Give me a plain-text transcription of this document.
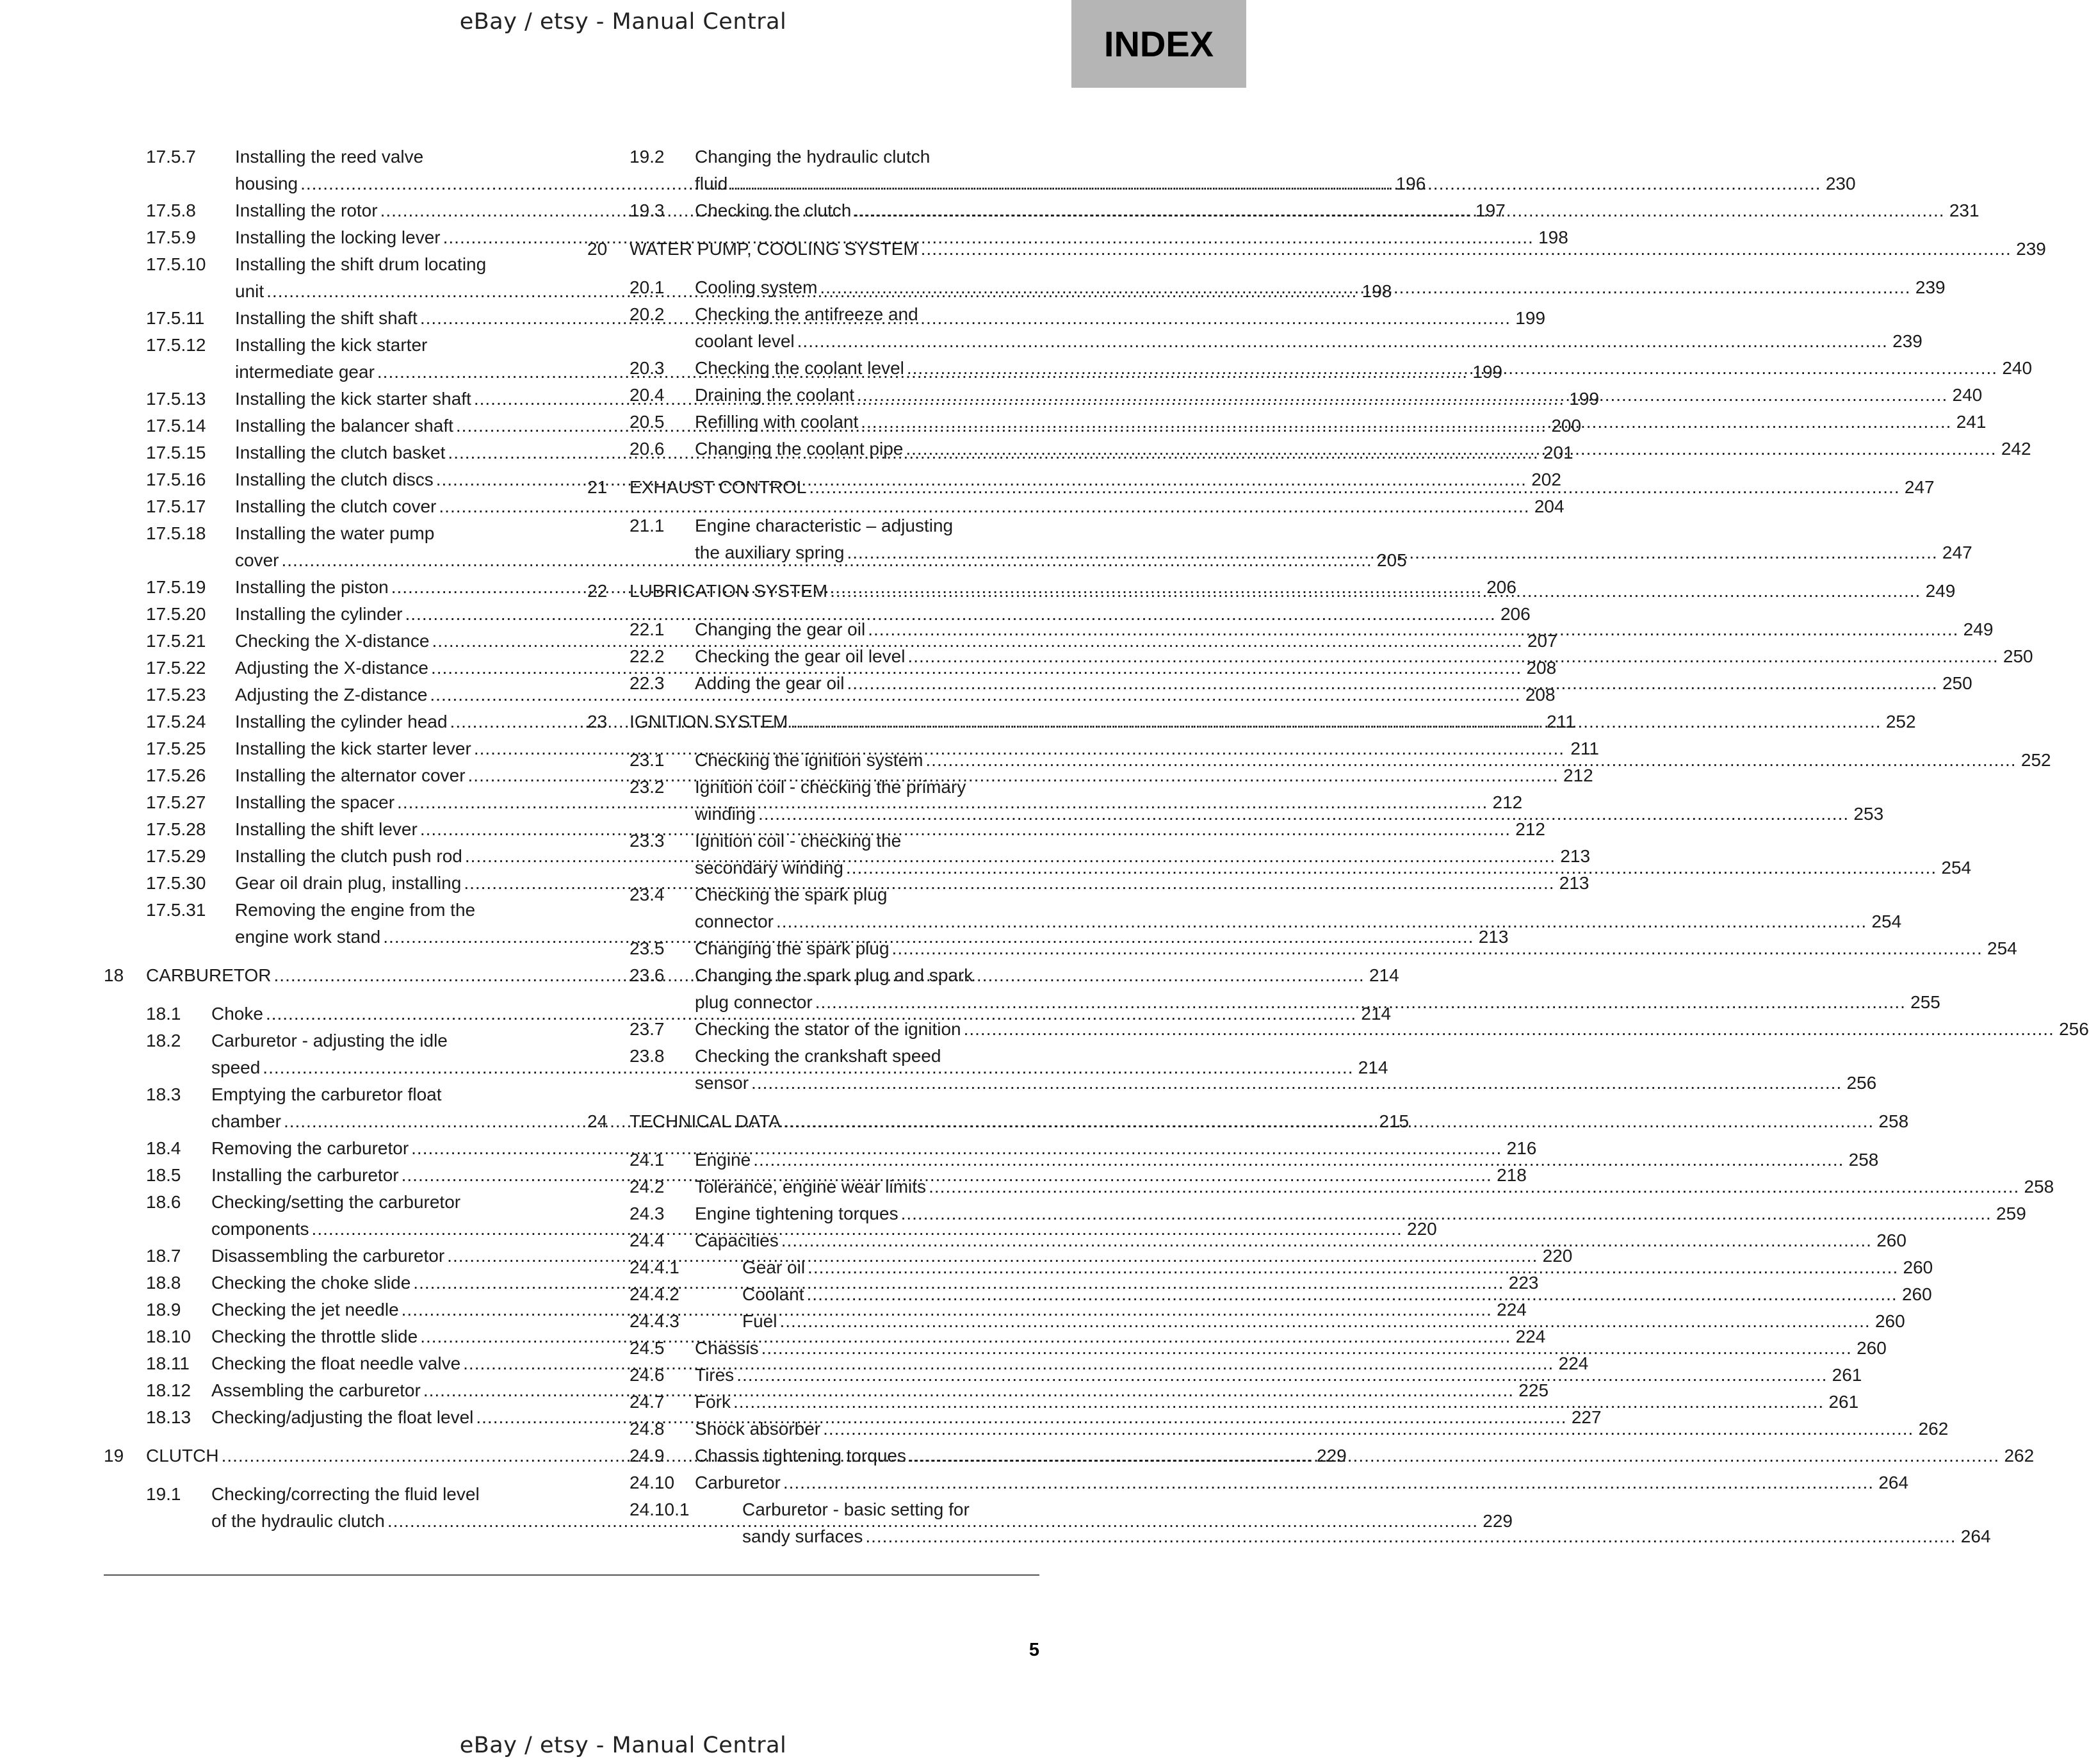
eBay / etsy - Manual Central
INDEX
17.5.7	Installing the reed valve
housing .....	196
17.5.8	Installing the rotor .....	197
17.5.9	Installing the locking lever .....	198
17.5.10	Installing the shift drum locating
unit .....	198
17.5.11	Installing the shift shaft .....	199
17.5.12	Installing the kick starter
intermediate gear .....	199
17.5.13	Installing the kick starter shaft .....	199
17.5.14	Installing the balancer shaft .....	200
17.5.15	Installing the clutch basket .....	201
17.5.16	Installing the clutch discs .....	202
17.5.17	Installing the clutch cover .....	204
17.5.18	Installing the water pump
cover .....	205
17.5.19	Installing the piston .....	206
17.5.20	Installing the cylinder .....	206
17.5.21	Checking the X-distance .....	207
17.5.22	Adjusting the X-distance .....	208
17.5.23	Adjusting the Z-distance .....	208
17.5.24	Installing the cylinder head .....	211
17.5.25	Installing the kick starter lever .....	211
17.5.26	Installing the alternator cover .....	212
17.5.27	Installing the spacer .....	212
17.5.28	Installing the shift lever .....	212
17.5.29	Installing the clutch push rod .....	213
17.5.30	Gear oil drain plug, installing .....	213
17.5.31	Removing the engine from the
engine work stand .....	213
18	CARBURETOR .....	214
18.1	Choke .....	214
18.2	Carburetor - adjusting the idle
speed .....	214
18.3	Emptying the carburetor float
chamber .....	215
18.4	Removing the carburetor .....	216
18.5	Installing the carburetor .....	218
18.6	Checking/setting the carburetor
components .....	220
18.7	Disassembling the carburetor .....	220
18.8	Checking the choke slide .....	223
18.9	Checking the jet needle .....	224
18.10	Checking the throttle slide .....	224
18.11	Checking the float needle valve .....	224
18.12	Assembling the carburetor .....	225
18.13	Checking/adjusting the float level .....	227
19	CLUTCH .....	229
19.1	Checking/correcting the fluid level
of the hydraulic clutch .....	229
19.2	Changing the hydraulic clutch
fluid .....	230
19.3	Checking the clutch .....	231
20	WATER PUMP, COOLING SYSTEM .....	239
20.1	Cooling system .....	239
20.2	Checking the antifreeze and
coolant level .....	239
20.3	Checking the coolant level .....	240
20.4	Draining the coolant .....	240
20.5	Refilling with coolant .....	241
20.6	Changing the coolant pipe .....	242
21	EXHAUST CONTROL .....	247
21.1	Engine characteristic – adjusting
the auxiliary spring .....	247
22	LUBRICATION SYSTEM .....	249
22.1	Changing the gear oil .....	249
22.2	Checking the gear oil level .....	250
22.3	Adding the gear oil .....	250
23	IGNITION SYSTEM .....	252
23.1	Checking the ignition system .....	252
23.2	Ignition coil - checking the primary
winding .....	253
23.3	Ignition coil - checking the
secondary winding .....	254
23.4	Checking the spark plug
connector .....	254
23.5	Changing the spark plug .....	254
23.6	Changing the spark plug and spark
plug connector .....	255
23.7	Checking the stator of the ignition .....	256
23.8	Checking the crankshaft speed
sensor .....	256
24	TECHNICAL DATA .....	258
24.1	Engine .....	258
24.2	Tolerance, engine wear limits .....	258
24.3	Engine tightening torques .....	259
24.4	Capacities .....	260
24.4.1	Gear oil .....	260
24.4.2	Coolant .....	260
24.4.3	Fuel .....	260
24.5	Chassis .....	260
24.6	Tires .....	261
24.7	Fork .....	261
24.8	Shock absorber .....	262
24.9	Chassis tightening torques .....	262
24.10	Carburetor .....	264
24.10.1	Carburetor - basic setting for
sandy surfaces .....	264
5
eBay / etsy - Manual Central
